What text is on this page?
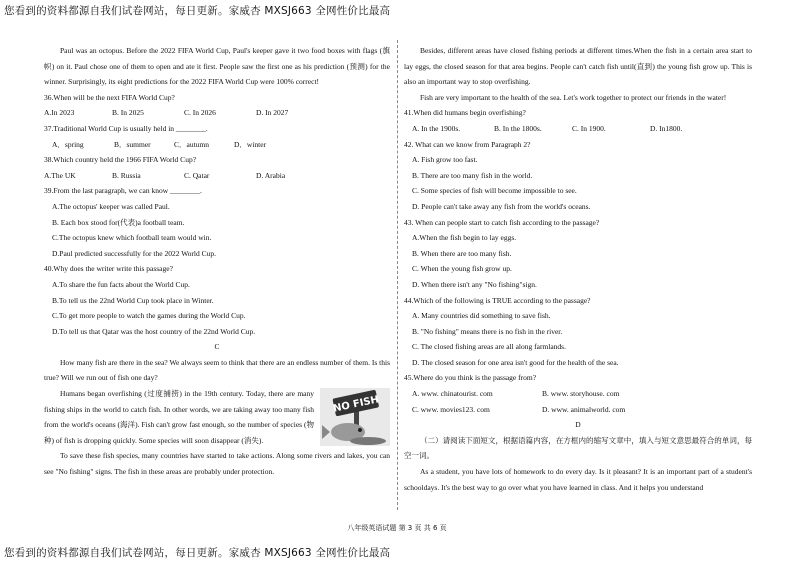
您看到的资料都源自我们试卷网站，每日更新。家威杏 MXSJ663 全网性价比最高

Paul was an octopus. Before the 2022 FIFA World Cup, Paul's keeper gave it two food boxes with flags (旗帜) on it. Paul chose one of them to open and ate it first. People saw the first one as his prediction (预测) for the winner. Surprisingly, its eight predictions for the 2022 FIFA World Cup were 100% correct!

36.When will be the next FIFA World Cup?

A.In 2023	B. In 2025	C. In 2026	D. In 2027

37.Traditional World Cup is usually held in ________.

A．spring	B．summer	C．autumn	D．winter

38.Which country held the 1966 FIFA World Cup?

A.The UK	B. Russia	C. Qatar	D. Arabia

39.From the last paragraph, we can know ________.

A.The octopus' keeper was called Paul.

B. Each box stood for(代表)a football team.

C.The octopus knew which football team would win.

D.Paul predicted successfully for the 2022 World Cup.

40.Why does the writer write this passage?

A.To share the fun facts about the World Cup.

B.To tell us the 22nd World Cup took place in Winter.

C.To get more people to watch the games during the World Cup.

D.To tell us that Qatar was the host country of the 22nd World Cup.

C

How many fish are there in the sea? We always seem to think that there are an endless number of them. Is this true? Will we run out of fish one day?

NO FISH

Humans began overfishing (过度捕捞) in the 19th century. Today, there are many fishing ships in the world to catch fish. In other words, we are taking away too many fish from the world's oceans (海洋). Fish can't grow fast enough, so the number of species (物种) of fish is dropping quickly. Some species will soon disappear (消失).

To save these fish species, many countries have started to take actions. Along some rivers and lakes, you can see "No fishing" signs. The fish in these areas are probably under protection.

Besides, different areas have closed fishing periods at different times.When the fish in a certain area start to lay eggs, the closed season for that area begins. People can't catch fish until(直到) the young fish grow up. This is also an important way to stop overfishing.

Fish are very important to the health of the sea. Let's work together to protect our friends in the water!

41.When did humans begin overfishing?

A. In the 1900s.	B. In the 1800s.	C. In 1900.	D. In1800.

42. What can we know from Paragraph 2?

A. Fish grow too fast.

B. There are too many fish in the world.

C. Some species of fish will become impossible to see.

D. People can't take away any fish from the world's oceans.

43. When can people start to catch fish according to the passage?

A.When the fish begin to lay eggs.

B. When there are too many fish.

C. When the young fish grow up.

D. When there isn't any "No fishing"sign.

44.Which of the following is TRUE according to the passage?

A. Many countries did something to save fish.

B. "No fishing" means there is no fish in the river.

C. The closed fishing areas are all along farmlands.

D. The closed season for one area isn't good for the health of the sea.

45.Where do you think is the passage from?

A. www. chinatourist. com	B. www. storyhouse. com
C. www. movies123. com	D. www. animalworld. com

D

（二）请阅读下面短文，根据语篇内容，在方框内的缩写文章中，填入与短文意思最符合的单词，每空一词。

As a student, you have lots of homework to do every day. Is it pleasant? It is an important part of a student's schooldays. It's the best way to go over what you have learned in class. And it helps you understand

八年级英语试题 第 3 页 共 6 页
您看到的资料都源自我们试卷网站，每日更新。家威杏 MXSJ663 全网性价比最高
